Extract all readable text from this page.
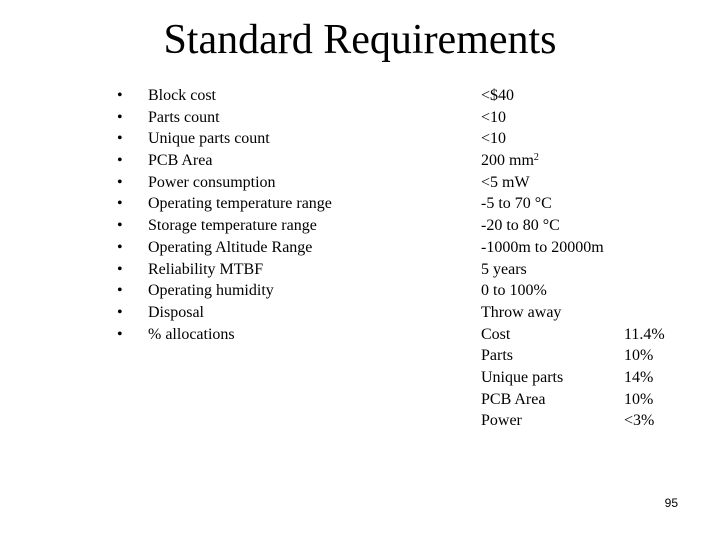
Standard Requirements
•
•
•
•
•
•
•
•
•
•
•
•
Block cost
Parts count
Unique parts count
PCB Area
Power consumption
Operating temperature range
Storage temperature range
Operating Altitude Range
Reliability MTBF
Operating humidity
Disposal
% allocations
<$40
<10
<10
200 $mm^2$
<5 mW
-5 to 70 °C
-20 to 80 °C
-1000m to 20000m
5 years
0 to 100%
Throw away
Cost
Parts
Unique parts
PCB Area
Power
11.4%
10%
14%
10%
<3%
95
